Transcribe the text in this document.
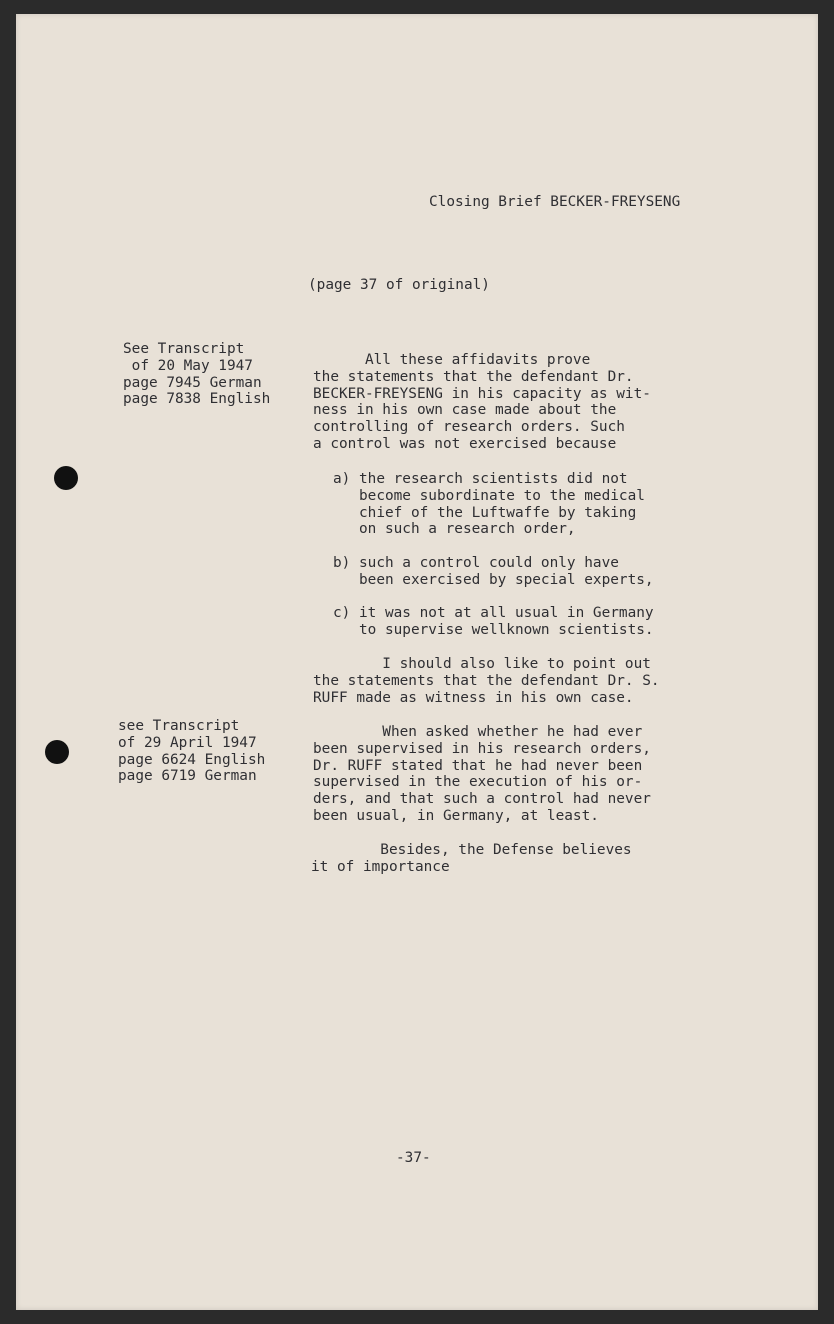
Closing Brief BECKER-FREYSENG
(page 37 of original)
See Transcript
of 20 May 1947
page 7945 German
page 7838 English
All these affidavits prove
the statements that the defendant Dr.
BECKER-FREYSENG in his capacity as wit-
ness in his own case made about the
controlling of research orders. Such
a control was not exercised because
a) the research scientists did not
become subordinate to the medical
chief of the Luftwaffe by taking
on such a research order,
b) such a control could only have
been exercised by special experts,
c) it was not at all usual in Germany
to supervise wellknown scientists.
I should also like to point out
the statements that the defendant Dr. S.
RUFF made as witness in his own case.
see Transcript
of 29 April 1947
page 6624 English
page 6719 German
When asked whether he had ever
been supervised in his research orders,
Dr. RUFF stated that he had never been
supervised in the execution of his or-
ders, and that such a control had never
been usual, in Germany, at least.
Besides, the Defense believes
it of importance
-37-
